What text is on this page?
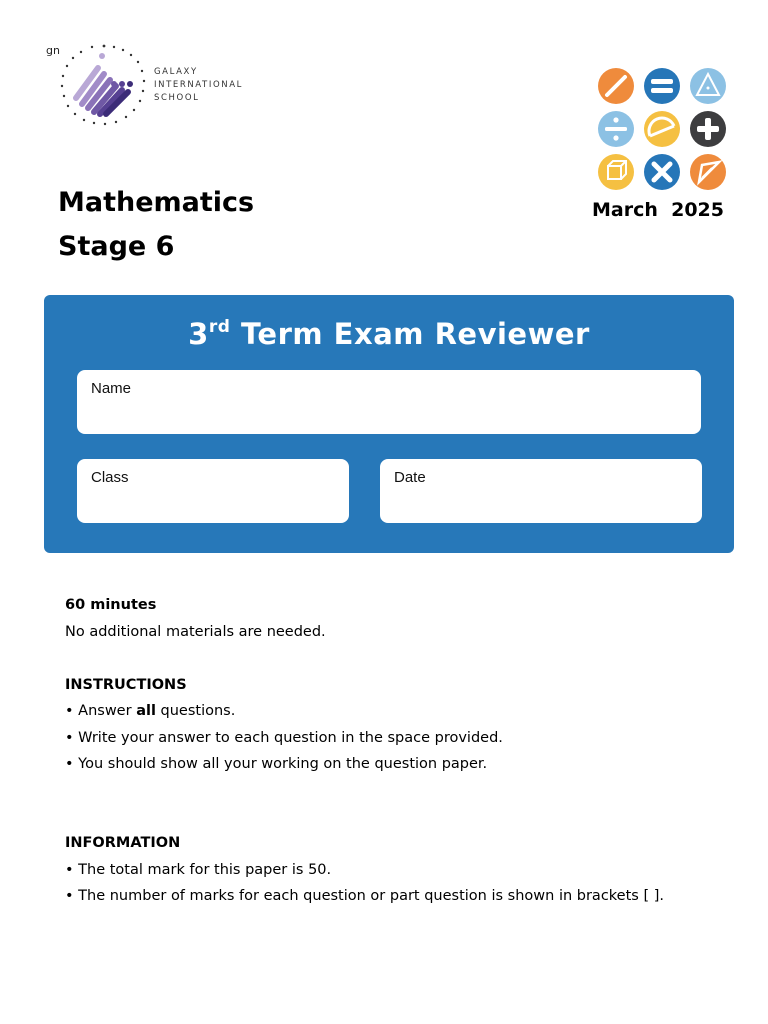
gn
GALAXY
INTERNATIONAL
SCHOOL
Mathematics
Stage 6
March  2025
3rd Term Exam Reviewer
Name
Class	Date
60 minutes
No additional materials are needed.
INSTRUCTIONS
• Answer all questions.
• Write your answer to each question in the space provided.
• You should show all your working on the question paper.
INFORMATION
• The total mark for this paper is 50.
• The number of marks for each question or part question is shown in brackets [ ].
